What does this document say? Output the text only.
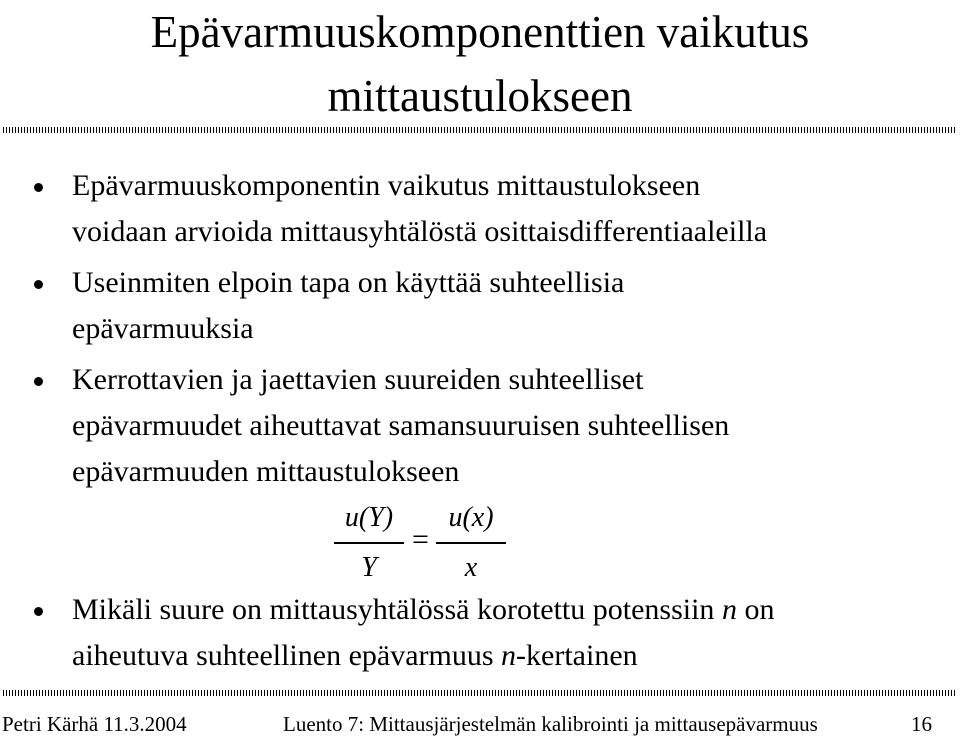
Epävarmuuskomponenttien vaikutus
mittaustulokseen
Epävarmuuskomponentin vaikutus mittaustulokseen
voidaan arvioida mittausyhtälöstä osittaisdifferentiaaleilla
Useinmiten elpoin tapa on käyttää suhteellisia
epävarmuuksia
Kerrottavien ja jaettavien suureiden suhteelliset
epävarmuudet aiheuttavat samansuuruisen suhteellisen
epävarmuuden mittaustulokseen
u(Y)
Y
=
u(x)
x
Mikäli suure on mittausyhtälössä korotettu potenssiin n on
aiheutuva suhteellinen epävarmuus n-kertainen
Petri Kärhä 11.3.2004	Luento 7: Mittausjärjestelmän kalibrointi ja mittausepävarmuus	16
